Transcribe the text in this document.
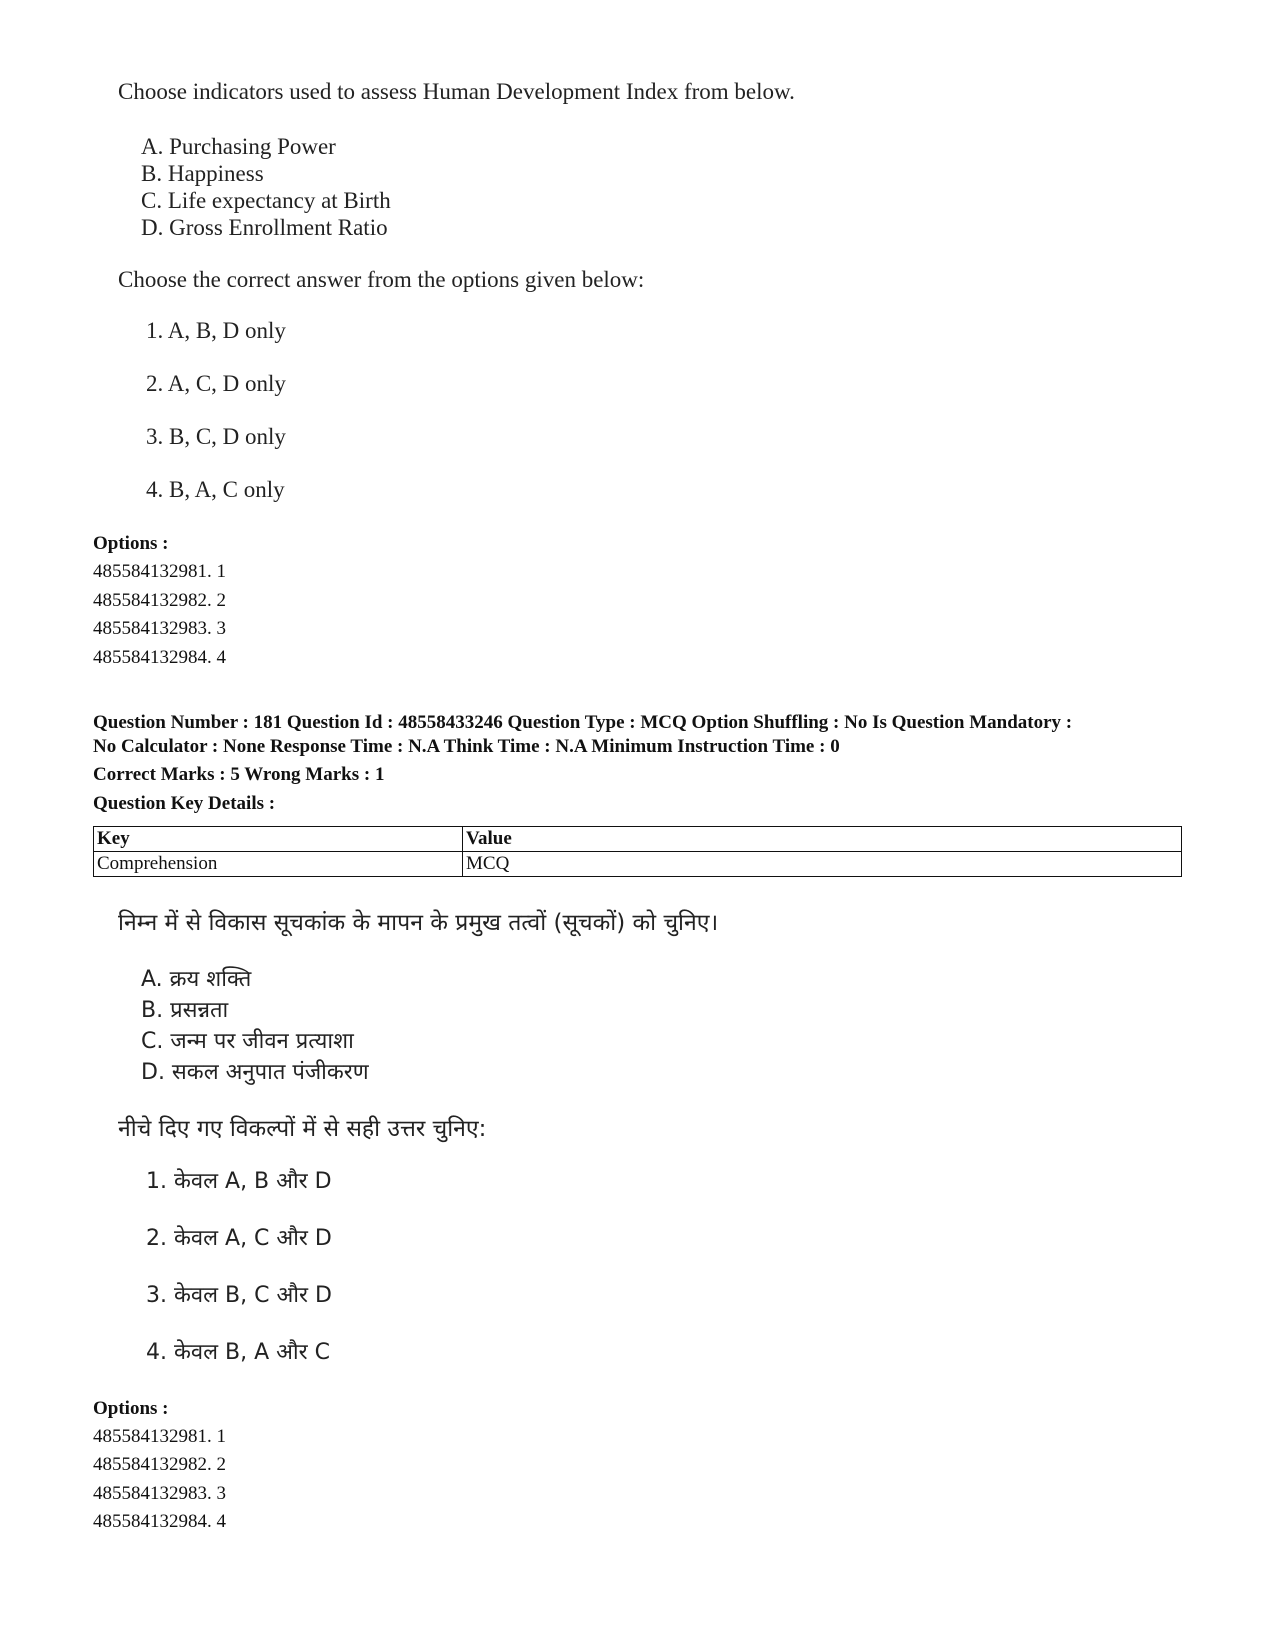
Choose indicators used to assess Human Development Index from below.
A. Purchasing Power
B. Happiness
C. Life expectancy at Birth
D. Gross Enrollment Ratio
Choose the correct answer from the options given below:
1. A, B, D only
2. A, C, D only
3. B, C, D only
4. B, A, C only
Options :
485584132981. 1
485584132982. 2
485584132983. 3
485584132984. 4
Question Number : 181 Question Id : 48558433246 Question Type : MCQ Option Shuffling : No Is Question Mandatory :
No Calculator : None Response Time : N.A Think Time : N.A Minimum Instruction Time : 0
Correct Marks : 5 Wrong Marks : 1
Question Key Details :
Key	Value
Comprehension	MCQ
निम्न में से विकास सूचकांक के मापन के प्रमुख तत्वों (सूचकों) को चुनिए।
A. क्रय शक्ति
B. प्रसन्नता
C. जन्म पर जीवन प्रत्याशा
D. सकल अनुपात पंजीकरण
नीचे दिए गए विकल्पों में से सही उत्तर चुनिए:
1. केवल A, B और D
2. केवल A, C और D
3. केवल B, C और D
4. केवल B, A और C
Options :
485584132981. 1
485584132982. 2
485584132983. 3
485584132984. 4
